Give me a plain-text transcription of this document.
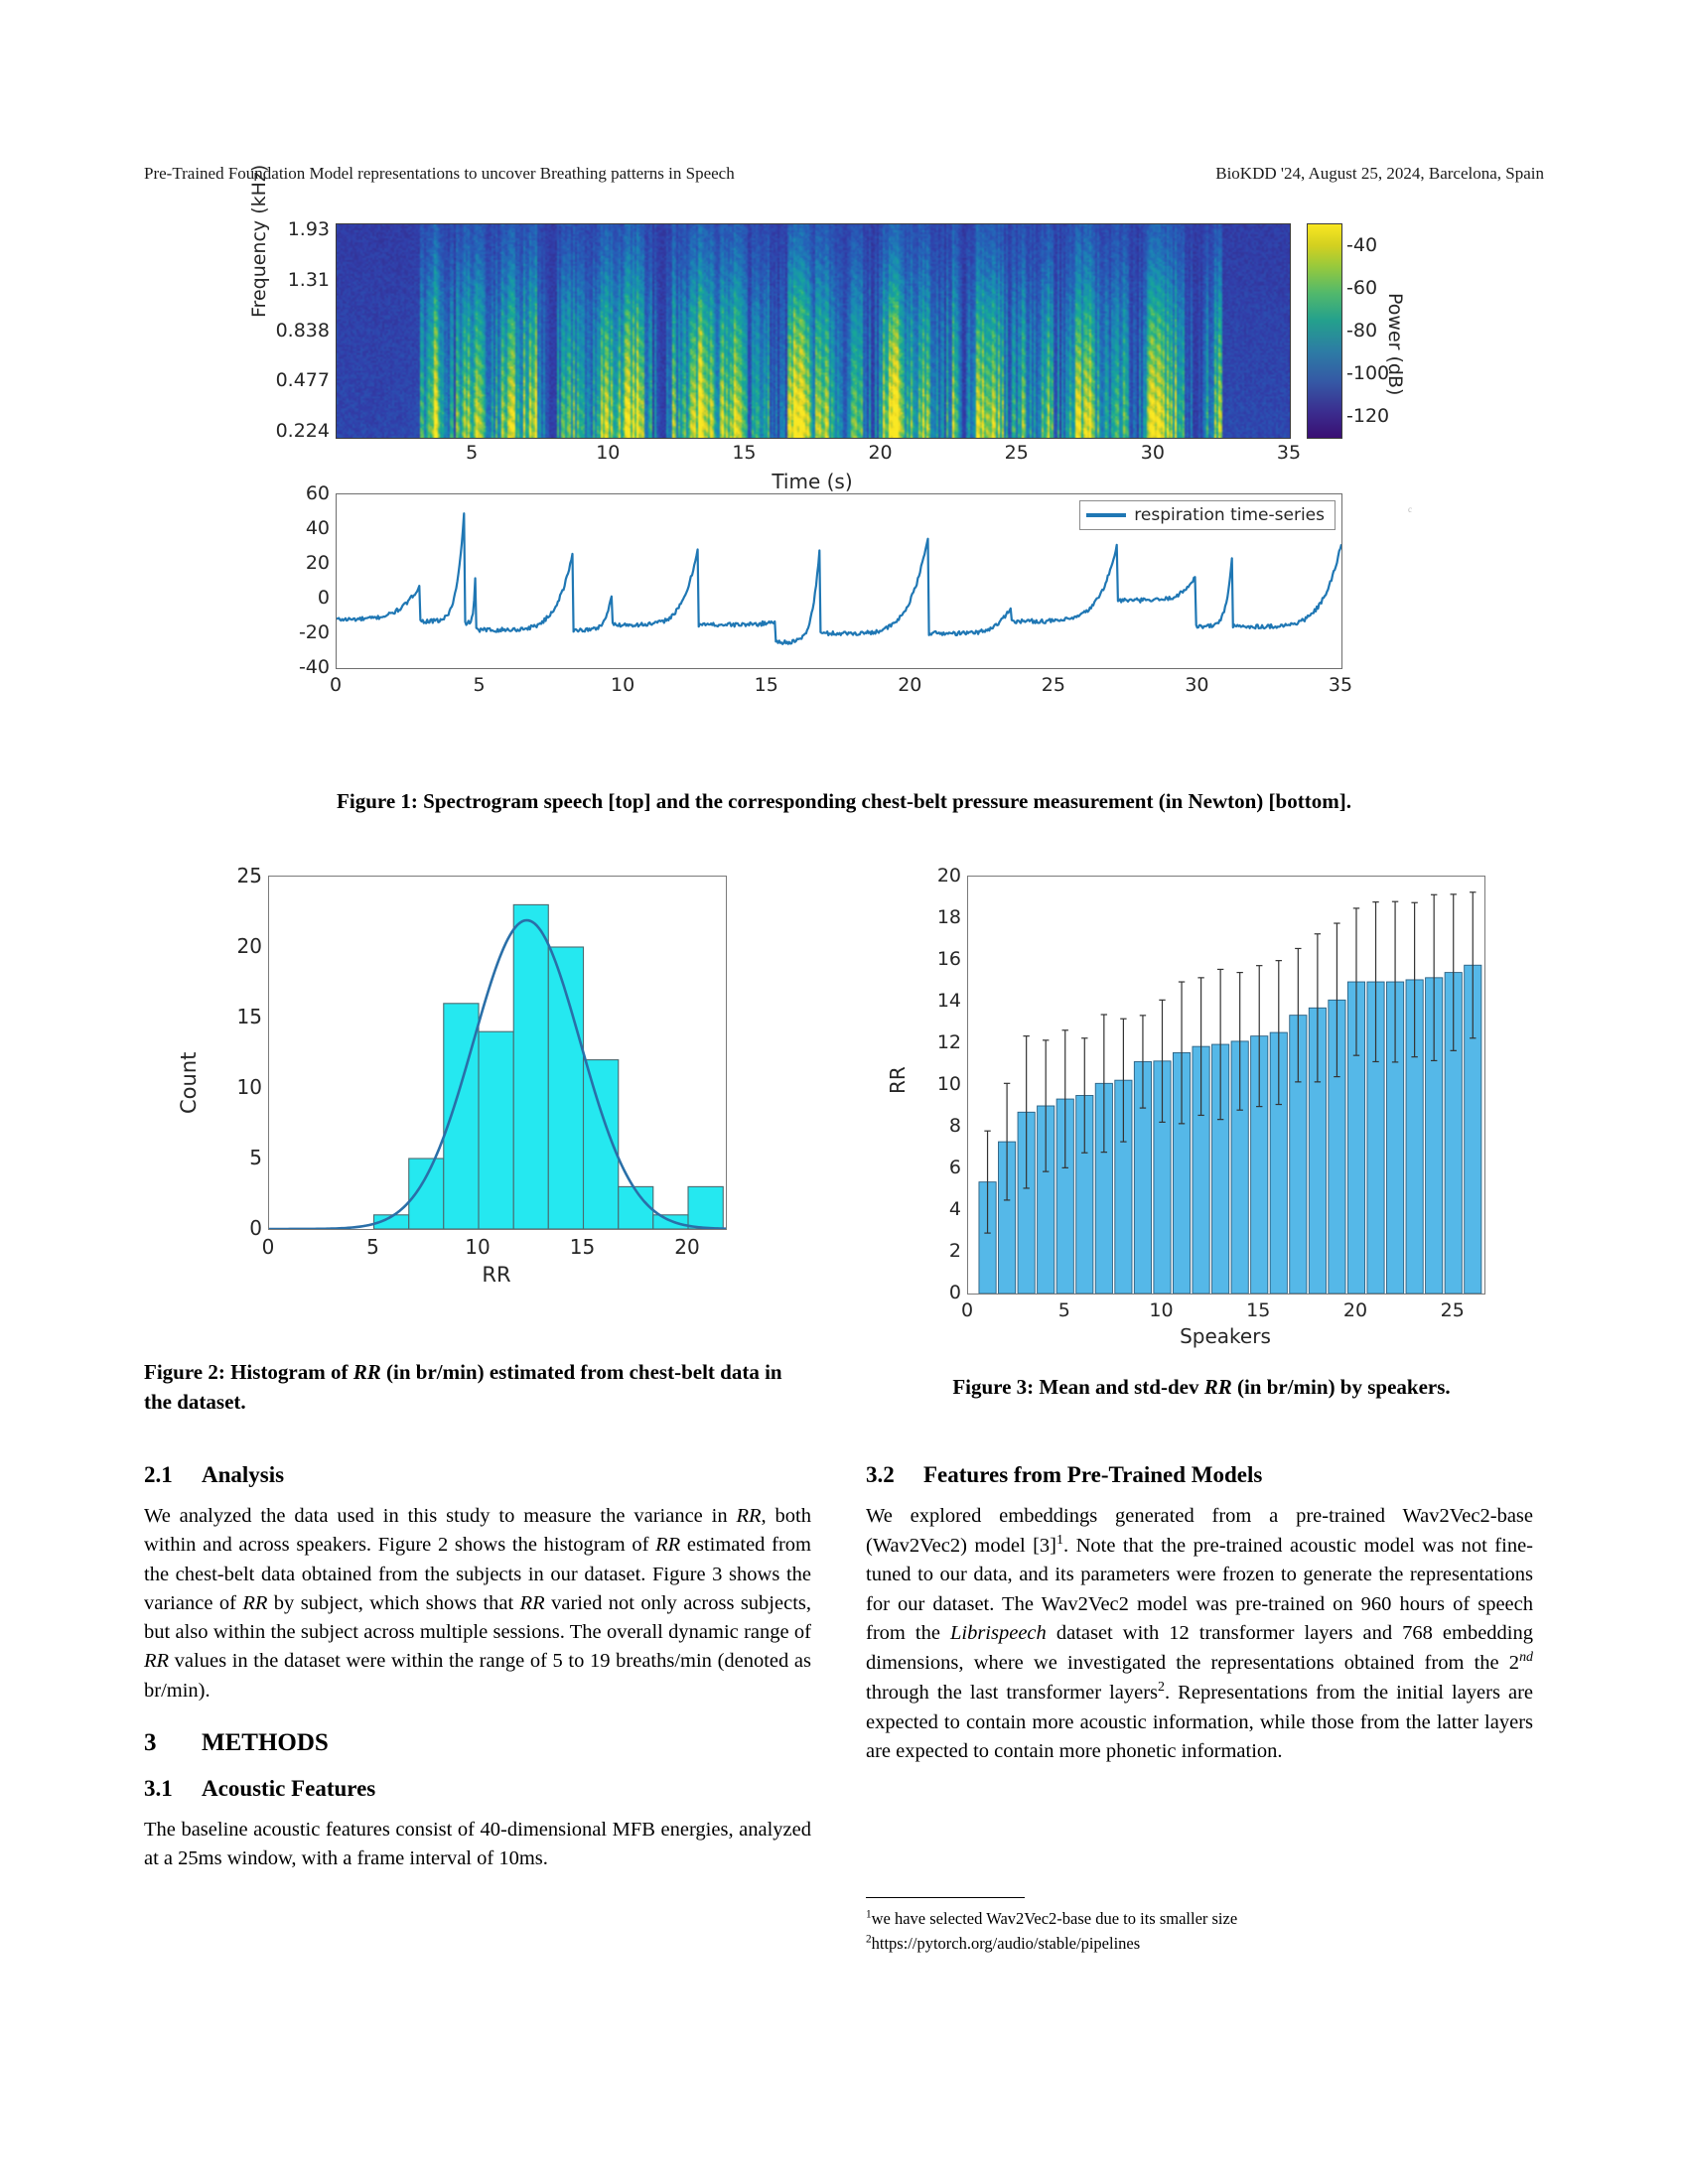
Pre-Trained Foundation Model representations to uncover Breathing patterns in Speech	BioKDD '24, August 25, 2024, Barcelona, Spain
Frequency (kHz) 1.93
1.31
0.838
0.477
0.224
5	10	15	20	25	30	35
Time (s)
-40
-60
-80
-100
-120
Power (dB)
60
40
20
0
-20
-40
respiration time-series
0	5	10	15	20	25	30	35
c
Figure 1: Spectrogram speech [top] and the corresponding chest-belt pressure measurement (in Newton) [bottom].
Count
0
5
10
15
20
25
0	5	10	15	20
RR
Figure 2: Histogram of RR (in br/min) estimated from chest-belt data in the dataset.
RR
0
2
4
6
8
10
12
14
16
18
20
0	5	10	15	20	25
Speakers
Figure 3: Mean and std-dev RR (in br/min) by speakers.
2.1 Analysis

We analyzed the data used in this study to measure the variance in RR, both within and across speakers. Figure 2 shows the histogram of RR estimated from the chest-belt data obtained from the subjects in our dataset. Figure 3 shows the variance of RR by subject, which shows that RR varied not only across subjects, but also within the subject across multiple sessions. The overall dynamic range of RR values in the dataset were within the range of 5 to 19 breaths/min (denoted as br/min).

3 METHODS
3.1 Acoustic Features

The baseline acoustic features consist of 40-dimensional MFB energies, analyzed at a 25ms window, with a frame interval of 10ms.

3.2 Features from Pre-Trained Models

We explored embeddings generated from a pre-trained Wav2Vec2-base (Wav2Vec2) model $[3]^1$. Note that the pre-trained acoustic model was not fine-tuned to our data, and its parameters were frozen to generate the representations for our dataset. The Wav2Vec2 model was pre-trained on 960 hours of speech from the Librispeech dataset with 12 transformer layers and 768 embedding dimensions, where we investigated the representations obtained from the 2nd through the last transformer layers$^2$. Representations from the initial layers are expected to contain more acoustic information, while those from the latter layers are expected to contain more phonetic information.

$^1$we have selected Wav2Vec2-base due to its smaller size
$^2$https://pytorch.org/audio/stable/pipelines
